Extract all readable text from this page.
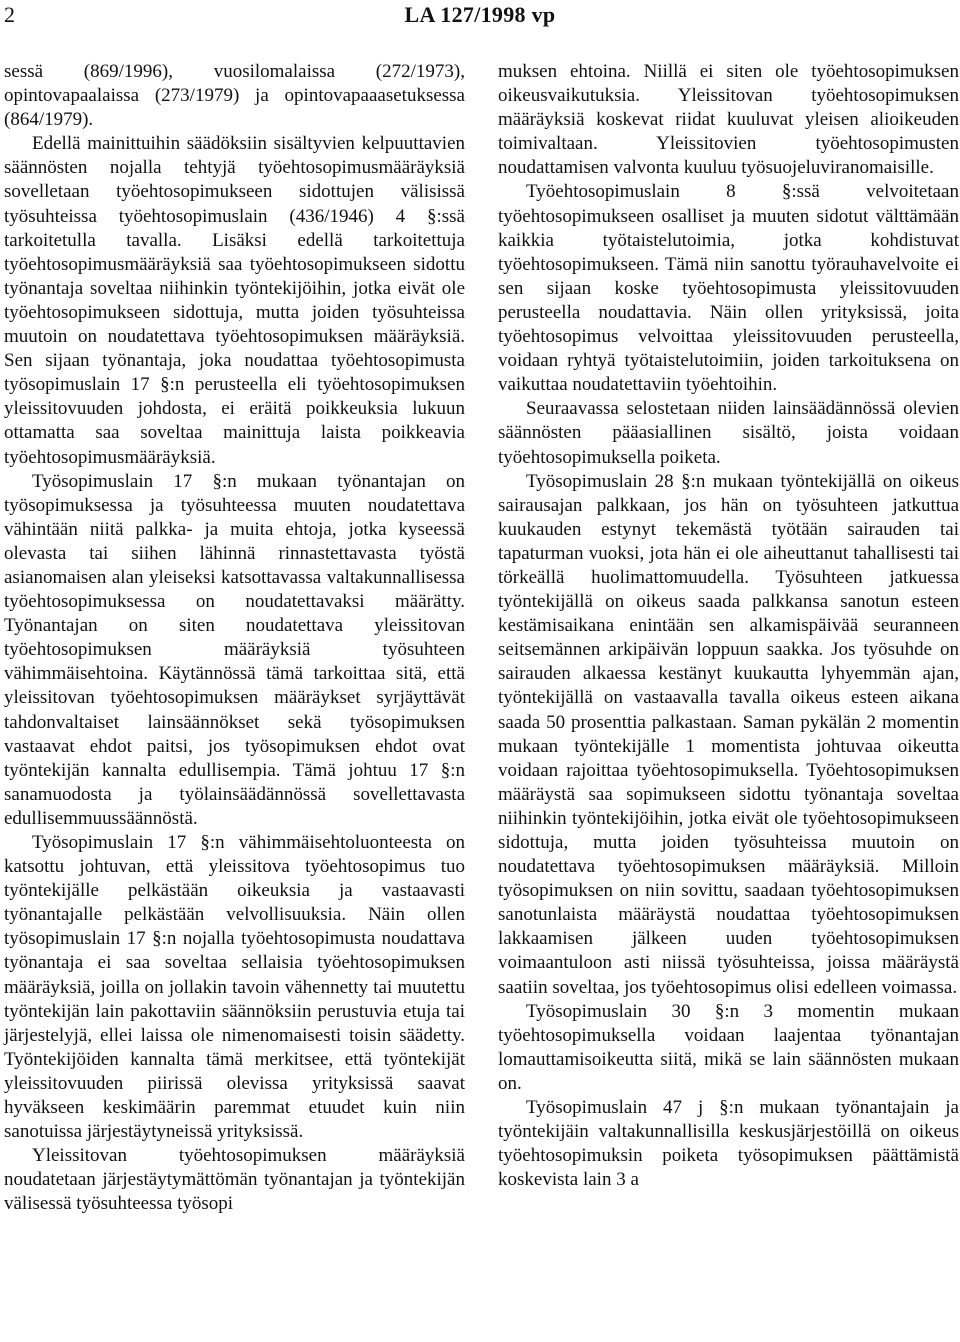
2	LA 127/1998 vp

sessä (869/1996), vuosilomalaissa (272/1973), opintovapaalaissa (273/1979) ja opintovapaaasetuksessa (864/1979).

Edellä mainittuihin säädöksiin sisältyvien kelpuuttavien säännösten nojalla tehtyjä työehtosopimusmääräyksiä sovelletaan työehtosopimukseen sidottujen välisissä työsuhteissa työehtosopimuslain (436/1946) 4 §:ssä tarkoitetulla tavalla. Lisäksi edellä tarkoitettuja työehtosopimusmääräyksiä saa työehtosopimukseen sidottu työnantaja soveltaa niihinkin työntekijöihin, jotka eivät ole työehtosopimukseen sidottuja, mutta joiden työsuhteissa muutoin on noudatettava työehtosopimuksen määräyksiä. Sen sijaan työnantaja, joka noudattaa työehtosopimusta työsopimuslain 17 §:n perusteella eli työehtosopimuksen yleissitovuuden johdosta, ei eräitä poikkeuksia lukuun ottamatta saa soveltaa mainittuja laista poikkeavia työehtosopimusmääräyksiä.

Työsopimuslain 17 §:n mukaan työnantajan on työsopimuksessa ja työsuhteessa muuten noudatettava vähintään niitä palkka- ja muita ehtoja, jotka kyseessä olevasta tai siihen lähinnä rinnastettavasta työstä asianomaisen alan yleiseksi katsottavassa valtakunnallisessa työehtosopimuksessa on noudatettavaksi määrätty. Työnantajan on siten noudatettava yleissitovan työehtosopimuksen määräyksiä työsuhteen vähimmäisehtoina. Käytännössä tämä tarkoittaa sitä, että yleissitovan työehtosopimuksen määräykset syrjäyttävät tahdonvaltaiset lainsäännökset sekä työsopimuksen vastaavat ehdot paitsi, jos työsopimuksen ehdot ovat työntekijän kannalta edullisempia. Tämä johtuu 17 §:n sanamuodosta ja työlainsäädännössä sovellettavasta edullisemmuussäännöstä.

Työsopimuslain 17 §:n vähimmäisehtoluonteesta on katsottu johtuvan, että yleissitova työehtosopimus tuo työntekijälle pelkästään oikeuksia ja vastaavasti työnantajalle pelkästään velvollisuuksia. Näin ollen työsopimuslain 17 §:n nojalla työehtosopimusta noudattava työnantaja ei saa soveltaa sellaisia työehtosopimuksen määräyksiä, joilla on jollakin tavoin vähennetty tai muutettu työntekijän lain pakottaviin säännöksiin perustuvia etuja tai järjestelyjä, ellei laissa ole nimenomaisesti toisin säädetty. Työntekijöiden kannalta tämä merkitsee, että työntekijät yleissitovuuden piirissä olevissa yrityksissä saavat hyväkseen keskimäärin paremmat etuudet kuin niin sanotuissa järjestäytyneissä yrityksissä.

Yleissitovan työehtosopimuksen määräyksiä noudatetaan järjestäytymättömän työnantajan ja työntekijän välisessä työsuhteessa työsopi

muksen ehtoina. Niillä ei siten ole työehtosopimuksen oikeusvaikutuksia. Yleissitovan työehtosopimuksen määräyksiä koskevat riidat kuuluvat yleisen alioikeuden toimivaltaan. Yleissitovien työehtosopimusten noudattamisen valvonta kuuluu työsuojeluviranomaisille.

Työehtosopimuslain 8 §:ssä velvoitetaan työehtosopimukseen osalliset ja muuten sidotut välttämään kaikkia työtaistelutoimia, jotka kohdistuvat työehtosopimukseen. Tämä niin sanottu työrauhavelvoite ei sen sijaan koske työehtosopimusta yleissitovuuden perusteella noudattavia. Näin ollen yrityksissä, joita työehtosopimus velvoittaa yleissitovuuden perusteella, voidaan ryhtyä työtaistelutoimiin, joiden tarkoituksena on vaikuttaa noudatettaviin työehtoihin.

Seuraavassa selostetaan niiden lainsäädännössä olevien säännösten pääasiallinen sisältö, joista voidaan työehtosopimuksella poiketa.

Työsopimuslain 28 §:n mukaan työntekijällä on oikeus sairausajan palkkaan, jos hän on työsuhteen jatkuttua kuukauden estynyt tekemästä työtään sairauden tai tapaturman vuoksi, jota hän ei ole aiheuttanut tahallisesti tai törkeällä huolimattomuudella. Työsuhteen jatkuessa työntekijällä on oikeus saada palkkansa sanotun esteen kestämisaikana enintään sen alkamispäivää seuranneen seitsemännen arkipäivän loppuun saakka. Jos työsuhde on sairauden alkaessa kestänyt kuukautta lyhyemmän ajan, työntekijällä on vastaavalla tavalla oikeus esteen aikana saada 50 prosenttia palkastaan. Saman pykälän 2 momentin mukaan työntekijälle 1 momentista johtuvaa oikeutta voidaan rajoittaa työehtosopimuksella. Työehtosopimuksen määräystä saa sopimukseen sidottu työnantaja soveltaa niihinkin työntekijöihin, jotka eivät ole työehtosopimukseen sidottuja, mutta joiden työsuhteissa muutoin on noudatettava työehtosopimuksen määräyksiä. Milloin työsopimuksen on niin sovittu, saadaan työehtosopimuksen sanotunlaista määräystä noudattaa työehtosopimuksen lakkaamisen jälkeen uuden työehtosopimuksen voimaantuloon asti niissä työsuhteissa, joissa määräystä saatiin soveltaa, jos työehtosopimus olisi edelleen voimassa.

Työsopimuslain 30 §:n 3 momentin mukaan työehtosopimuksella voidaan laajentaa työnantajan lomauttamisoikeutta siitä, mikä se lain säännösten mukaan on.

Työsopimuslain 47 j §:n mukaan työnantajain ja työntekijäin valtakunnallisilla keskusjärjestöillä on oikeus työehtosopimuksin poiketa työsopimuksen päättämistä koskevista lain 3 a
